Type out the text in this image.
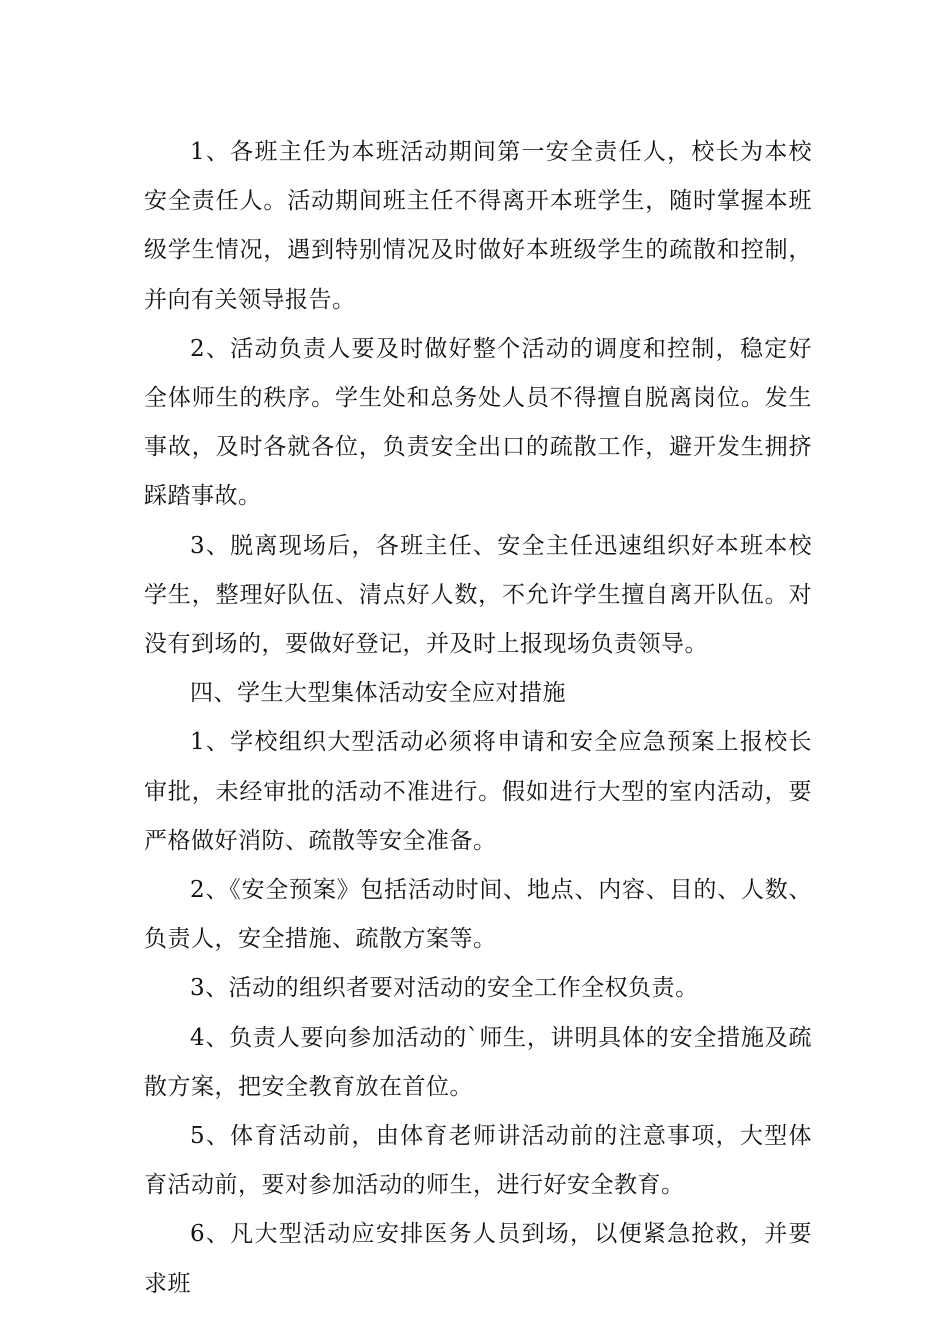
1、各班主任为本班活动期间第一安全责任人，校长为本校安全责任人。活动期间班主任不得离开本班学生，随时掌握本班级学生情况，遇到特别情况及时做好本班级学生的疏散和控制，并向有关领导报告。

2、活动负责人要及时做好整个活动的调度和控制，稳定好全体师生的秩序。学生处和总务处人员不得擅自脱离岗位。发生事故，及时各就各位，负责安全出口的疏散工作，避开发生拥挤踩踏事故。

3、脱离现场后，各班主任、安全主任迅速组织好本班本校学生，整理好队伍、清点好人数，不允许学生擅自离开队伍。对没有到场的，要做好登记，并及时上报现场负责领导。

四、学生大型集体活动安全应对措施

1、学校组织大型活动必须将申请和安全应急预案上报校长审批，未经审批的活动不准进行。假如进行大型的室内活动，要严格做好消防、疏散等安全准备。

2、《安全预案》包括活动时间、地点、内容、目的、人数、负责人，安全措施、疏散方案等。

3、活动的组织者要对活动的安全工作全权负责。

4、负责人要向参加活动的`师生，讲明具体的安全措施及疏散方案，把安全教育放在首位。

5、体育活动前，由体育老师讲活动前的注意事项，大型体育活动前，要对参加活动的师生，进行好安全教育。

6、凡大型活动应安排医务人员到场，以便紧急抢救，并要求班
